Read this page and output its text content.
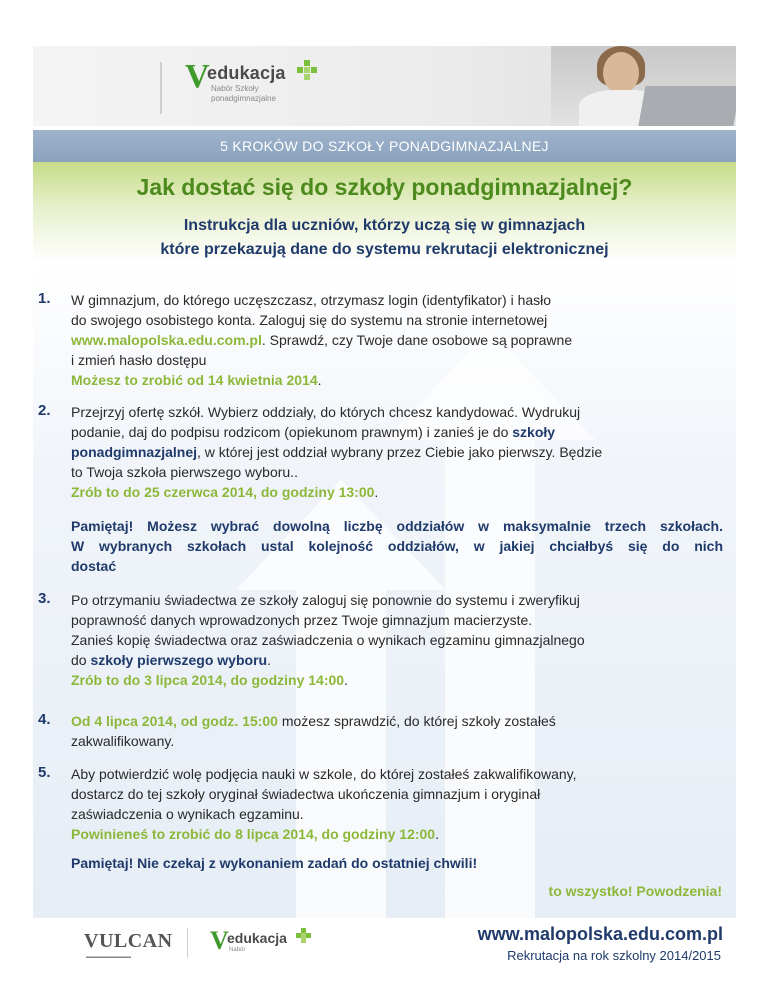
V
edukacja
Nabór Szkoły
ponadgimnazjalne
5 KROKÓW DO SZKOŁY PONADGIMNAZJALNEJ
Jak dostać się do szkoły ponadgimnazjalnej?
Instrukcja dla uczniów, którzy uczą się w gimnazjach
które przekazują dane do systemu rekrutacji elektronicznej
1. W gimnazjum, do którego uczęszczasz, otrzymasz login (identyfikator) i hasło
do swojego osobistego konta. Zaloguj się do systemu na stronie internetowej
www.malopolska.edu.com.pl. Sprawdź, czy Twoje dane osobowe są poprawne
i zmień hasło dostępu
Możesz to zrobić od 14 kwietnia 2014.
2. Przejrzyj ofertę szkół. Wybierz oddziały, do których chcesz kandydować. Wydrukuj
podanie, daj do podpisu rodzicom (opiekunom prawnym) i zanieś je do szkoły
ponadgimnazjalnej, w której jest oddział wybrany przez Ciebie jako pierwszy. Będzie
to Twoja szkoła pierwszego wyboru..
Zrób to do 25 czerwca 2014, do godziny 13:00.
Pamiętaj! Możesz wybrać dowolną liczbę oddziałów w maksymalnie trzech szkołach.
W wybranych szkołach ustal kolejność oddziałów, w jakiej chciałbyś się do nich
dostać
3. Po otrzymaniu świadectwa ze szkoły zaloguj się ponownie do systemu i zweryfikuj
poprawność danych wprowadzonych przez Twoje gimnazjum macierzyste.
Zanieś kopię świadectwa oraz zaświadczenia o wynikach egzaminu gimnazjalnego
do szkoły pierwszego wyboru.
Zrób to do 3 lipca 2014, do godziny 14:00.
4. Od 4 lipca 2014, od godz. 15:00 możesz sprawdzić, do której szkoły zostałeś
zakwalifikowany.
5. Aby potwierdzić wolę podjęcia nauki w szkole, do której zostałeś zakwalifikowany,
dostarcz do tej szkoły oryginał świadectwa ukończenia gimnazjum i oryginał
zaświadczenia o wynikach egzaminu.
Powinieneś to zrobić do 8 lipca 2014, do godziny 12:00.
Pamiętaj! Nie czekaj z wykonaniem zadań do ostatniej chwili!
to wszystko! Powodzenia!
VULCAN
▬▬▬▬▬▬▬▬▬
V
edukacja
Nabór
www.malopolska.edu.com.pl
Rekrutacja na rok szkolny 2014/2015
